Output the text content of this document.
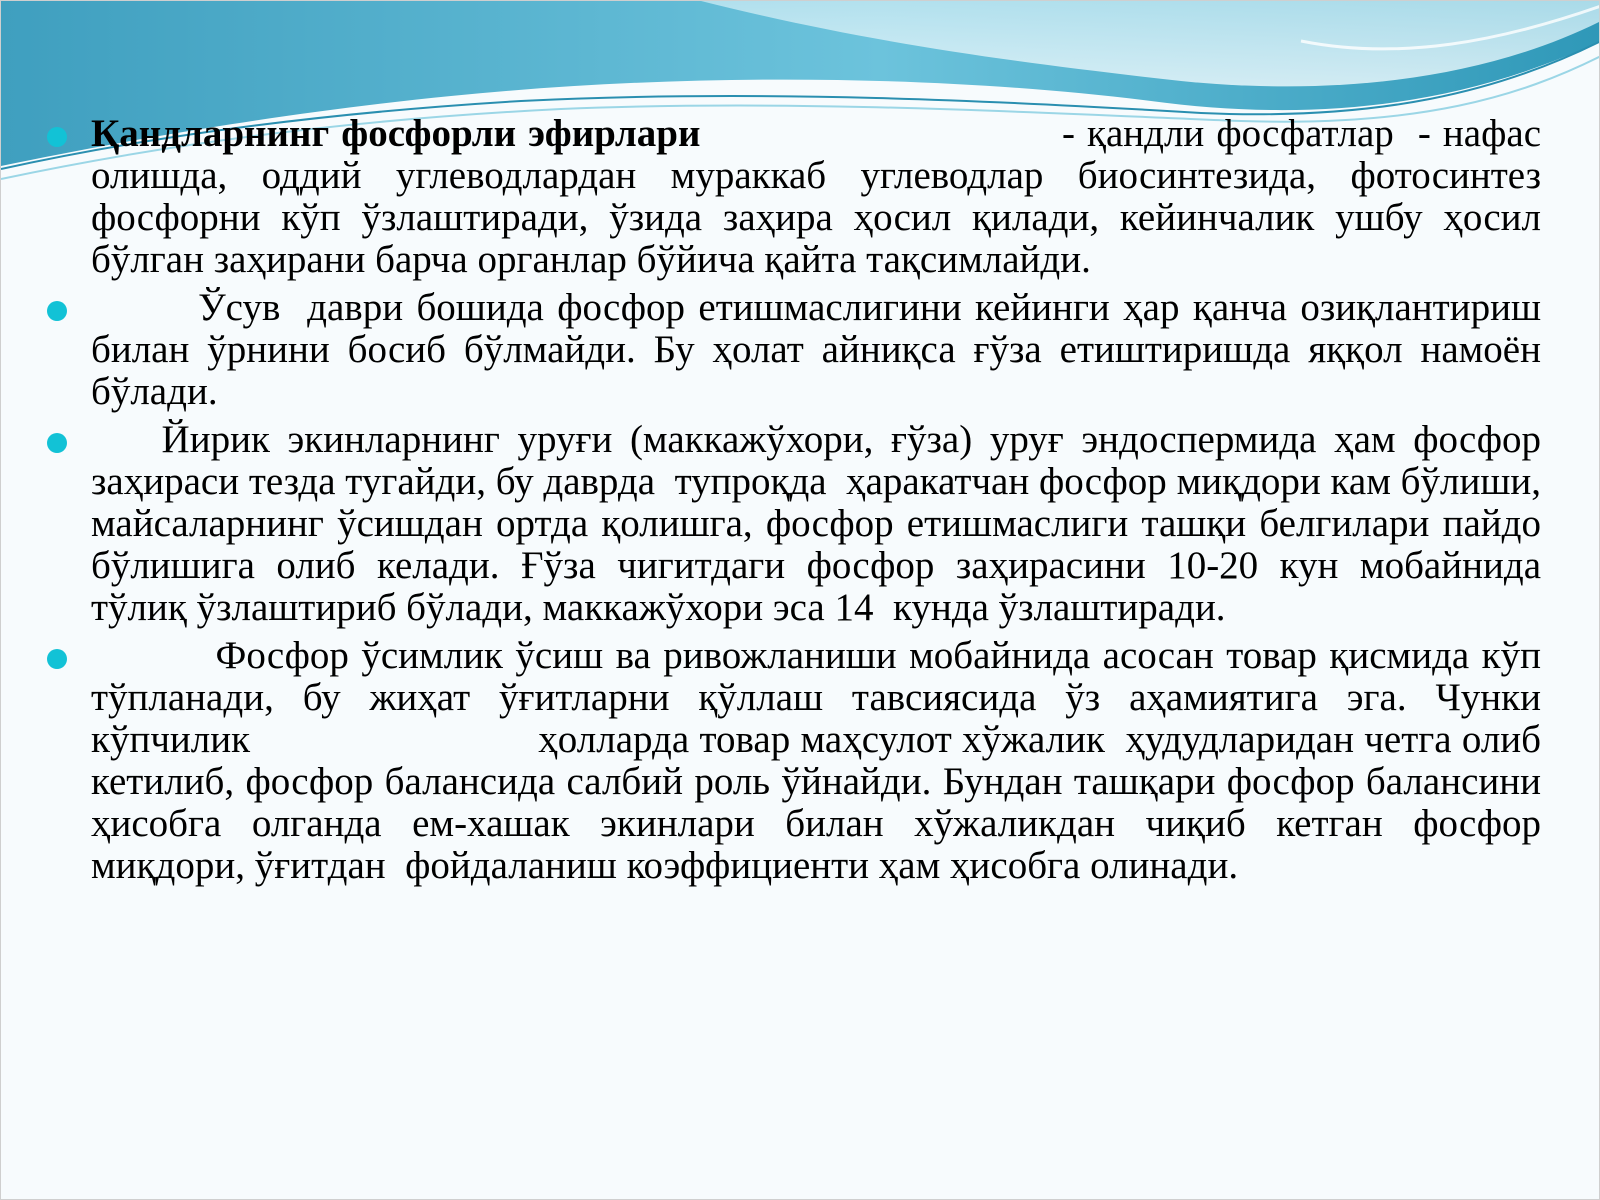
Қандларнинг фосфорли эфирлари                              - қандли фосфатлар  - нафас олишда, оддий углеводлардан мураккаб углеводлар биосинтезида, фотосинтез фосфорни кўп ўзлаштиради, ўзида заҳира ҳосил қилади, кейинчалик ушбу ҳосил бўлган заҳирани барча органлар бўйича қайта тақсимлайди.

Ўсув  даври бошида фосфор етишмаслигини кейинги ҳар қанча озиқлантириш билан ўрнини босиб бўлмайди. Бу ҳолат айниқса ғўза етиштиришда яққол намоён бўлади.

Йирик экинларнинг уруғи (маккажўхори, ғўза) уруғ эндоспермида ҳам фосфор заҳираси тезда тугайди, бу даврда  тупроқда  ҳаракатчан фосфор миқдори кам бўлиши, майсаларнинг ўсишдан ортда қолишга, фосфор етишмаслиги ташқи белгилари пайдо  бўлишига олиб келади. Ғўза чигитдаги фосфор заҳирасини 10-20 кун мобайнида тўлиқ ўзлаштириб бўлади, маккажўхори эса 14  кунда ўзлаштиради.

Фосфор ўсимлик ўсиш ва ривожланиши мобайнида асосан товар қисмида кўп тўпланади, бу жиҳат ўғитларни қўллаш тавсиясида ўз аҳамиятига эга. Чунки  кўпчилик                            ҳолларда товар маҳсулот хўжалик  ҳудудларидан четга олиб  кетилиб, фосфор балансида салбий роль ўйнайди. Бундан ташқари фосфор балансини ҳисобга олганда ем-хашак экинлари билан хўжаликдан чиқиб кетган фосфор  миқдори, ўғитдан  фойдаланиш коэффициенти ҳам ҳисобга олинади.
